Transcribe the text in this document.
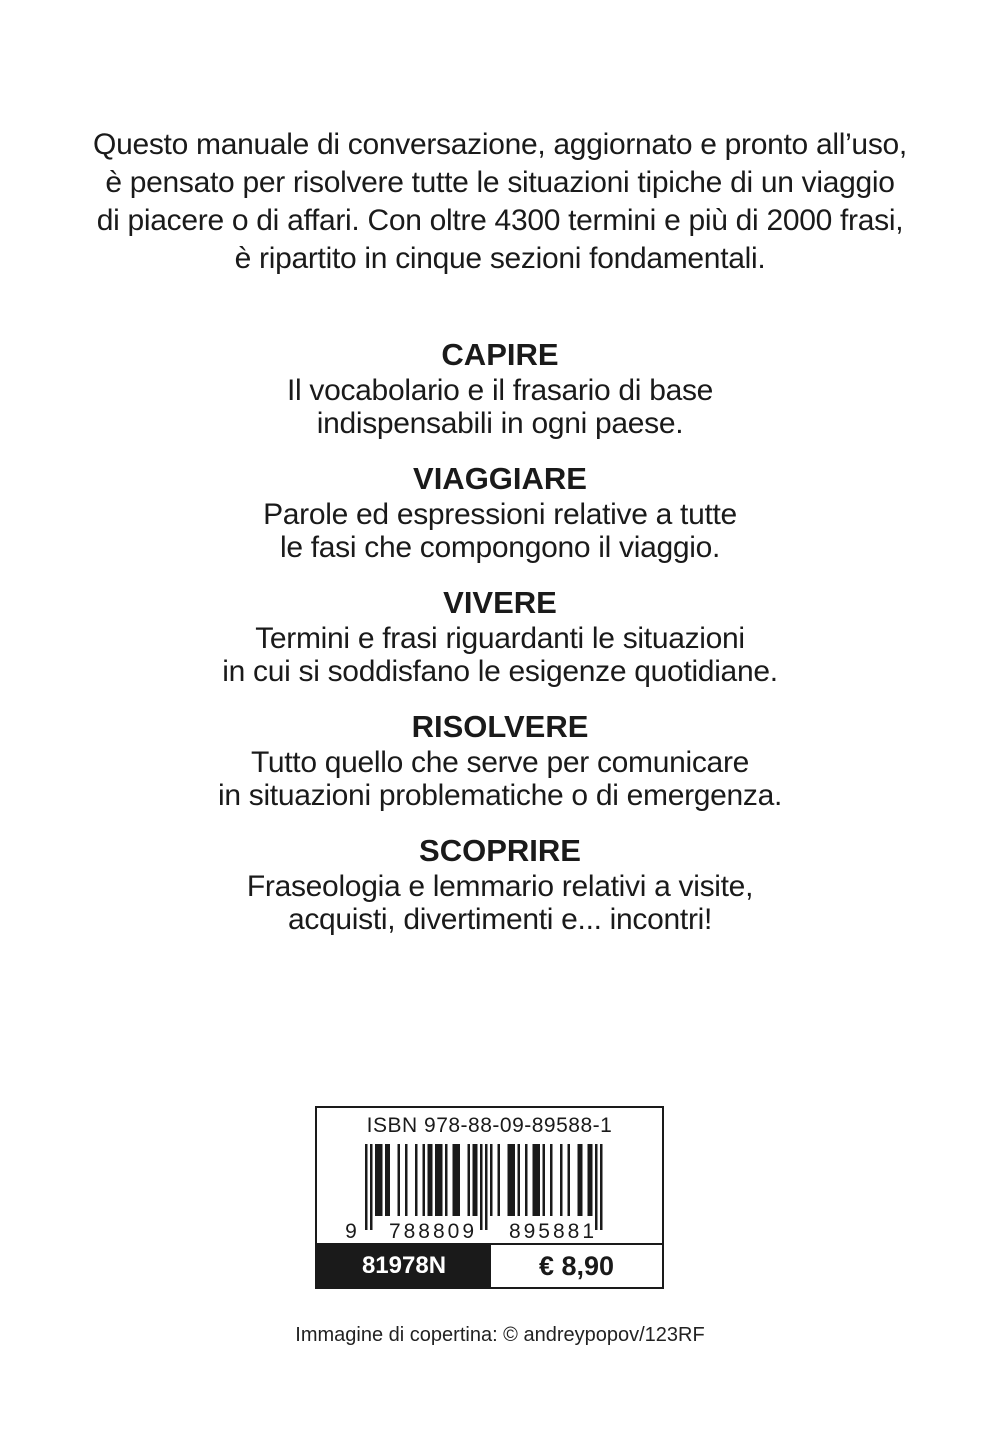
Questo manuale di conversazione, aggiornato e pronto all’uso,
è pensato per risolvere tutte le situazioni tipiche di un viaggio
di piacere o di affari. Con oltre 4300 termini e più di 2000 frasi,
è ripartito in cinque sezioni fondamentali.
CAPIRE
Il vocabolario e il frasario di base
indispensabili in ogni paese.
VIAGGIARE
Parole ed espressioni relative a tutte
le fasi che compongono il viaggio.
VIVERE
Termini e frasi riguardanti le situazioni
in cui si soddisfano le esigenze quotidiane.
RISOLVERE
Tutto quello che serve per comunicare
in situazioni problematiche o di emergenza.
SCOPRIRE
Fraseologia e lemmario relativi a visite,
acquisti, divertimenti e... incontri!
ISBN 978-88-09-89588-1
9 788809 895881
81978N	€ 8,90
Immagine di copertina: © andreypopov/123RF
